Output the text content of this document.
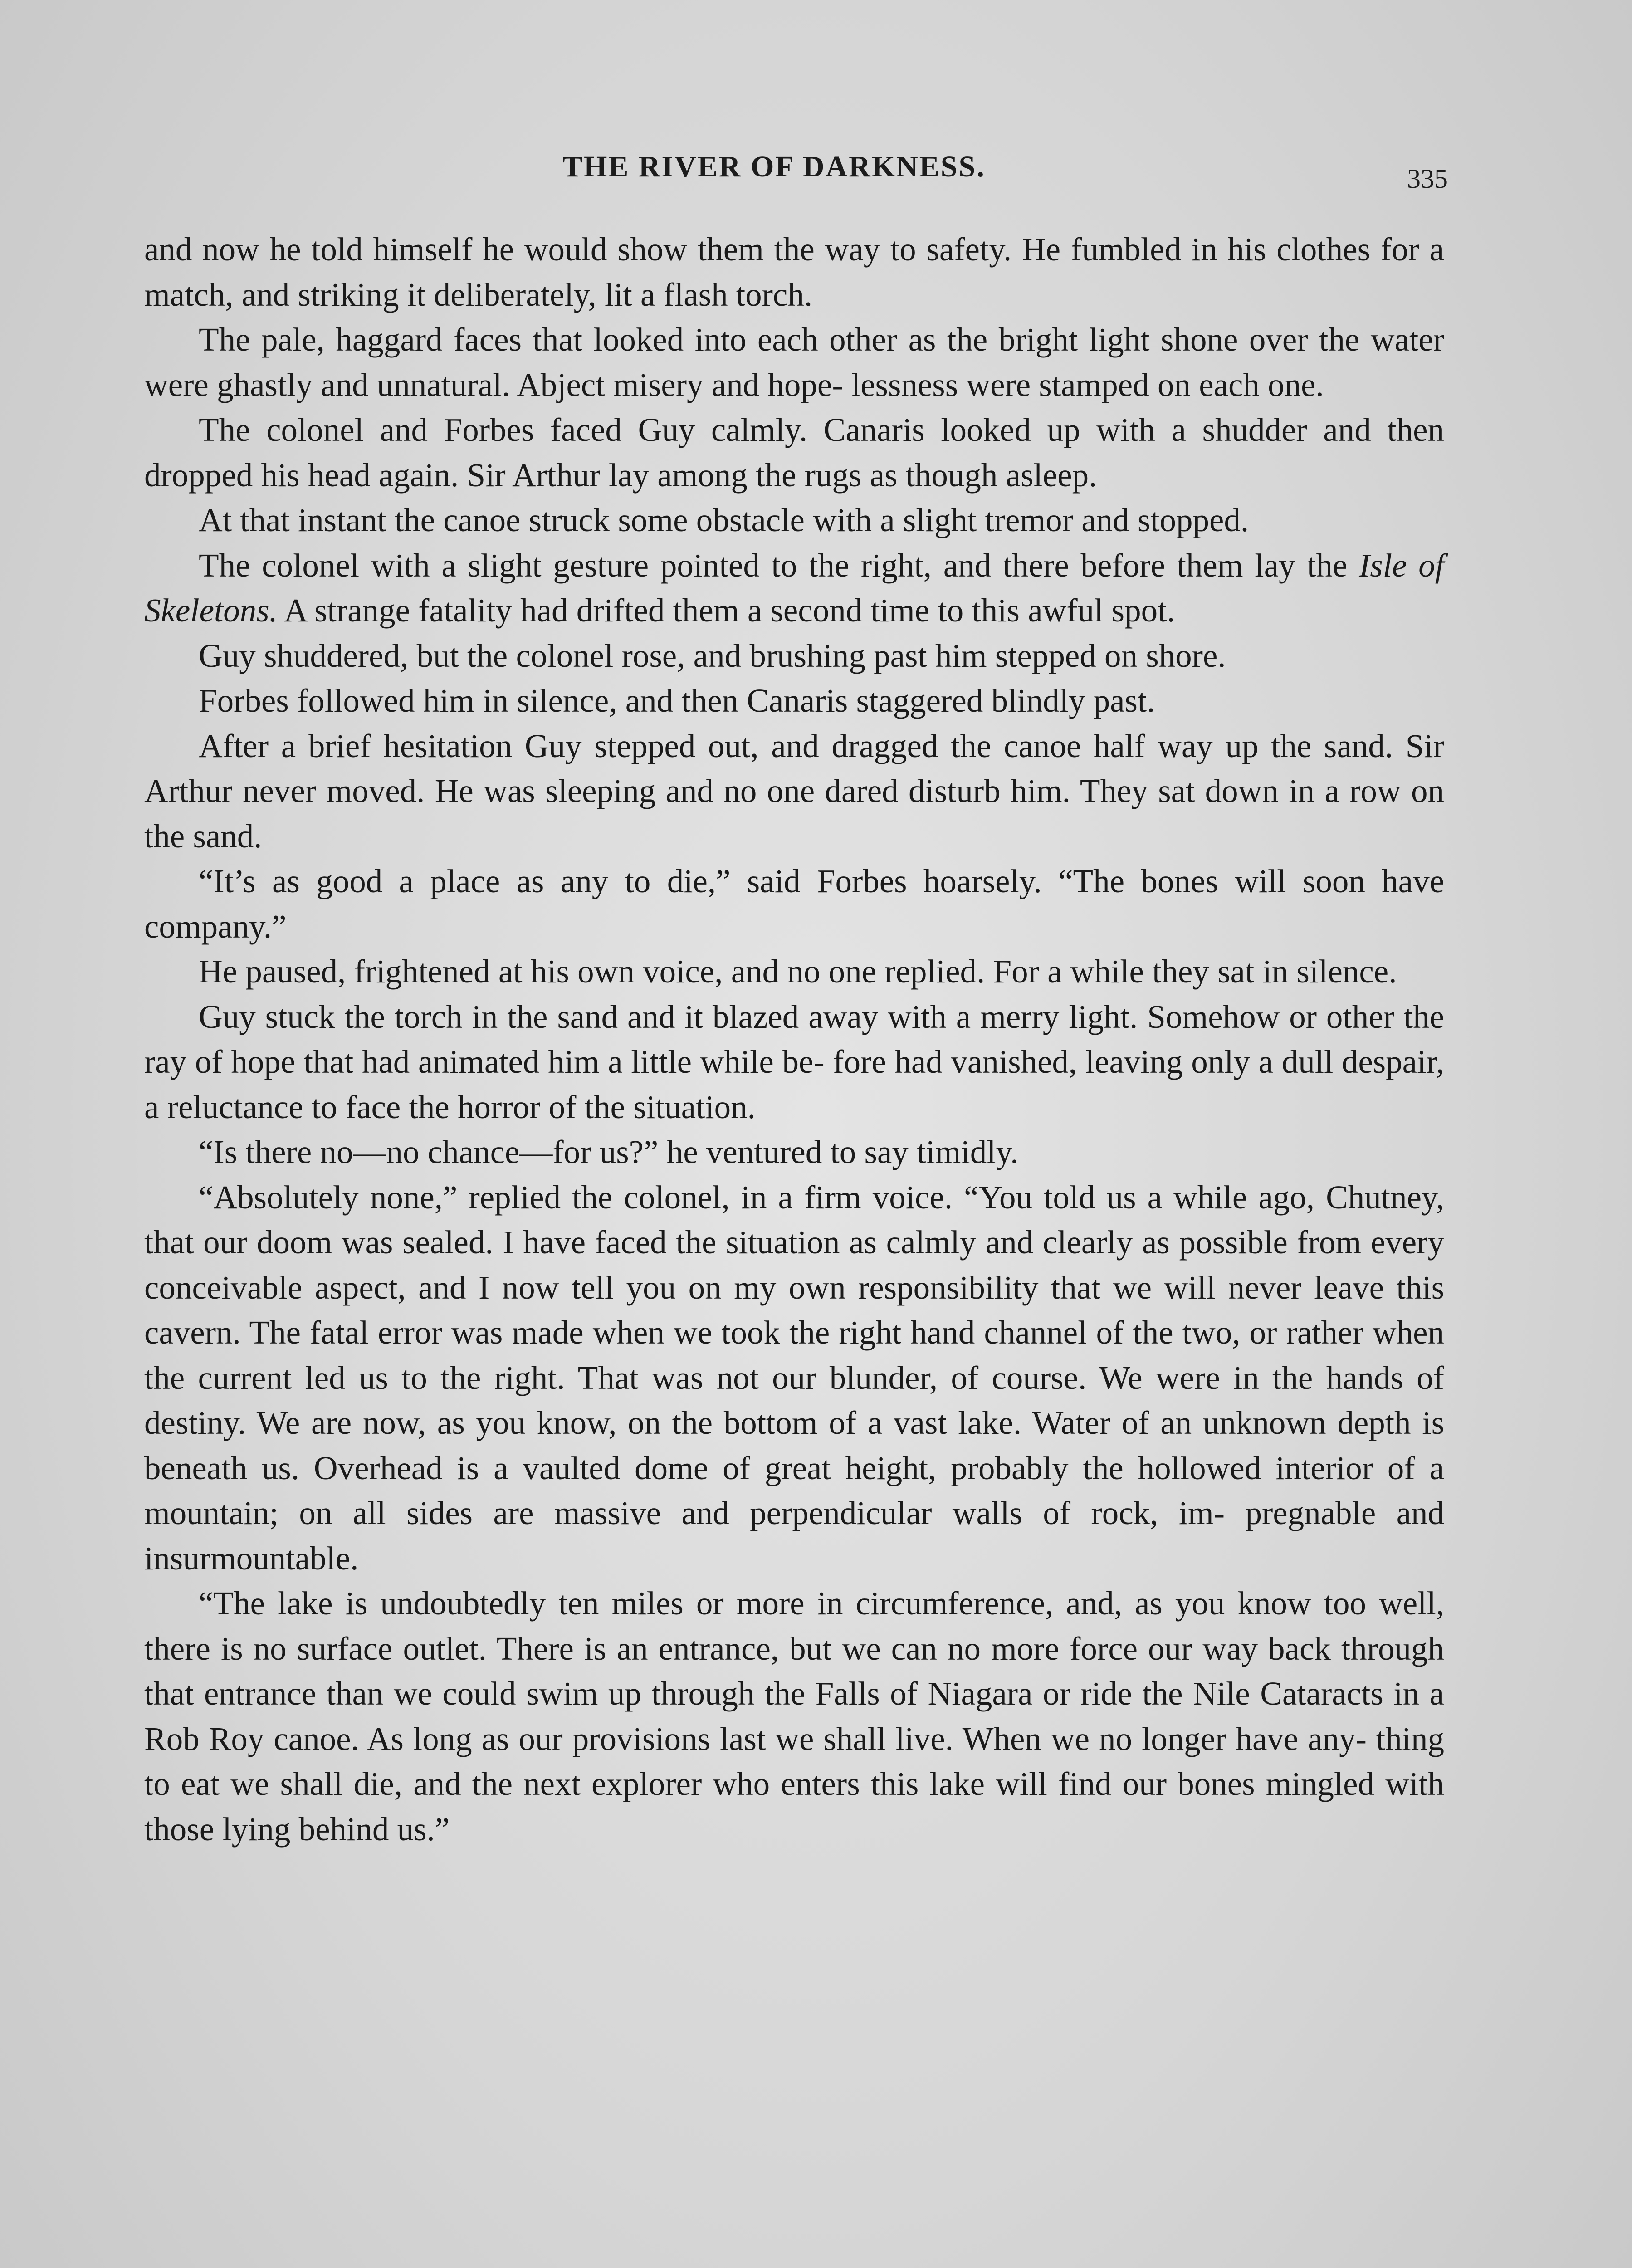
THE RIVER OF DARKNESS.	335

and now he told himself he would show them the way to safety. He fumbled in his clothes for a match, and striking it deliberately, lit a flash torch.

The pale, haggard faces that looked into each other as the bright light shone over the water were ghastly and unnatural. Abject misery and hope- lessness were stamped on each one.

The colonel and Forbes faced Guy calmly. Canaris looked up with a shudder and then dropped his head again. Sir Arthur lay among the rugs as though asleep.

At that instant the canoe struck some obstacle with a slight tremor and stopped.

The colonel with a slight gesture pointed to the right, and there before them lay the Isle of Skeletons. A strange fatality had drifted them a second time to this awful spot.

Guy shuddered, but the colonel rose, and brushing past him stepped on shore.

Forbes followed him in silence, and then Canaris staggered blindly past.

After a brief hesitation Guy stepped out, and dragged the canoe half way up the sand. Sir Arthur never moved. He was sleeping and no one dared disturb him. They sat down in a row on the sand.

“It’s as good a place as any to die,” said Forbes hoarsely. “The bones will soon have company.”

He paused, frightened at his own voice, and no one replied. For a while they sat in silence.

Guy stuck the torch in the sand and it blazed away with a merry light. Somehow or other the ray of hope that had animated him a little while be- fore had vanished, leaving only a dull despair, a reluctance to face the horror of the situation.

“Is there no—no chance—for us?” he ventured to say timidly.

“Absolutely none,” replied the colonel, in a firm voice. “You told us a while ago, Chutney, that our doom was sealed. I have faced the situation as calmly and clearly as possible from every conceivable aspect, and I now tell you on my own responsibility that we will never leave this cavern. The fatal error was made when we took the right hand channel of the two, or rather when the current led us to the right. That was not our blunder, of course. We were in the hands of destiny. We are now, as you know, on the bottom of a vast lake. Water of an unknown depth is beneath us. Overhead is a vaulted dome of great height, probably the hollowed interior of a mountain; on all sides are massive and perpendicular walls of rock, im- pregnable and insurmountable.

“The lake is undoubtedly ten miles or more in circumference, and, as you know too well, there is no surface outlet. There is an entrance, but we can no more force our way back through that entrance than we could swim up through the Falls of Niagara or ride the Nile Cataracts in a Rob Roy canoe. As long as our provisions last we shall live. When we no longer have any- thing to eat we shall die, and the next explorer who enters this lake will find our bones mingled with those lying behind us.”
